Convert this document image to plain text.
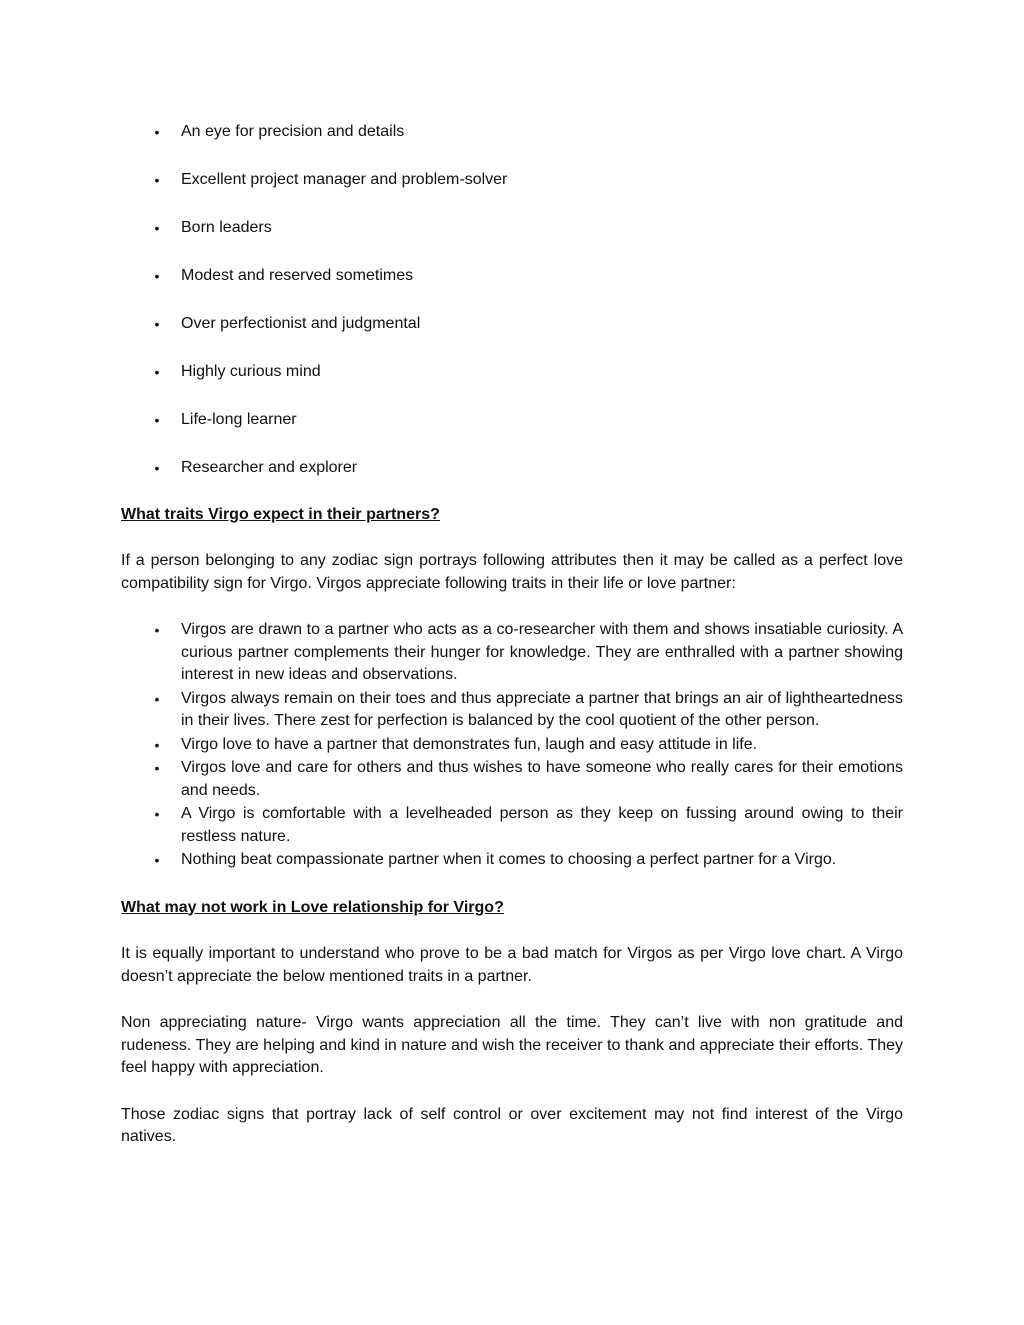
• An eye for precision and details
• Excellent project manager and problem-solver
• Born leaders
• Modest and reserved sometimes
• Over perfectionist and judgmental
• Highly curious mind
• Life-long learner
• Researcher and explorer
What traits Virgo expect in their partners?

If a person belonging to any zodiac sign portrays following attributes then it may be called as a perfect love compatibility sign for Virgo. Virgos appreciate following traits in their life or love partner:

• Virgos are drawn to a partner who acts as a co-researcher with them and shows insatiable curiosity. A curious partner complements their hunger for knowledge. They are enthralled with a partner showing interest in new ideas and observations.
• Virgos always remain on their toes and thus appreciate a partner that brings an air of lightheartedness in their lives. There zest for perfection is balanced by the cool quotient of the other person.
• Virgo love to have a partner that demonstrates fun, laugh and easy attitude in life.
• Virgos love and care for others and thus wishes to have someone who really cares for their emotions and needs.
• A Virgo is comfortable with a levelheaded person as they keep on fussing around owing to their restless nature.
• Nothing beat compassionate partner when it comes to choosing a perfect partner for a Virgo.
What may not work in Love relationship for Virgo?

It is equally important to understand who prove to be a bad match for Virgos as per Virgo love chart. A Virgo doesn’t appreciate the below mentioned traits in a partner.

Non appreciating nature- Virgo wants appreciation all the time. They can’t live with non gratitude and rudeness. They are helping and kind in nature and wish the receiver to thank and appreciate their efforts. They feel happy with appreciation.

Those zodiac signs that portray lack of self control or over excitement may not find interest of the Virgo natives.
